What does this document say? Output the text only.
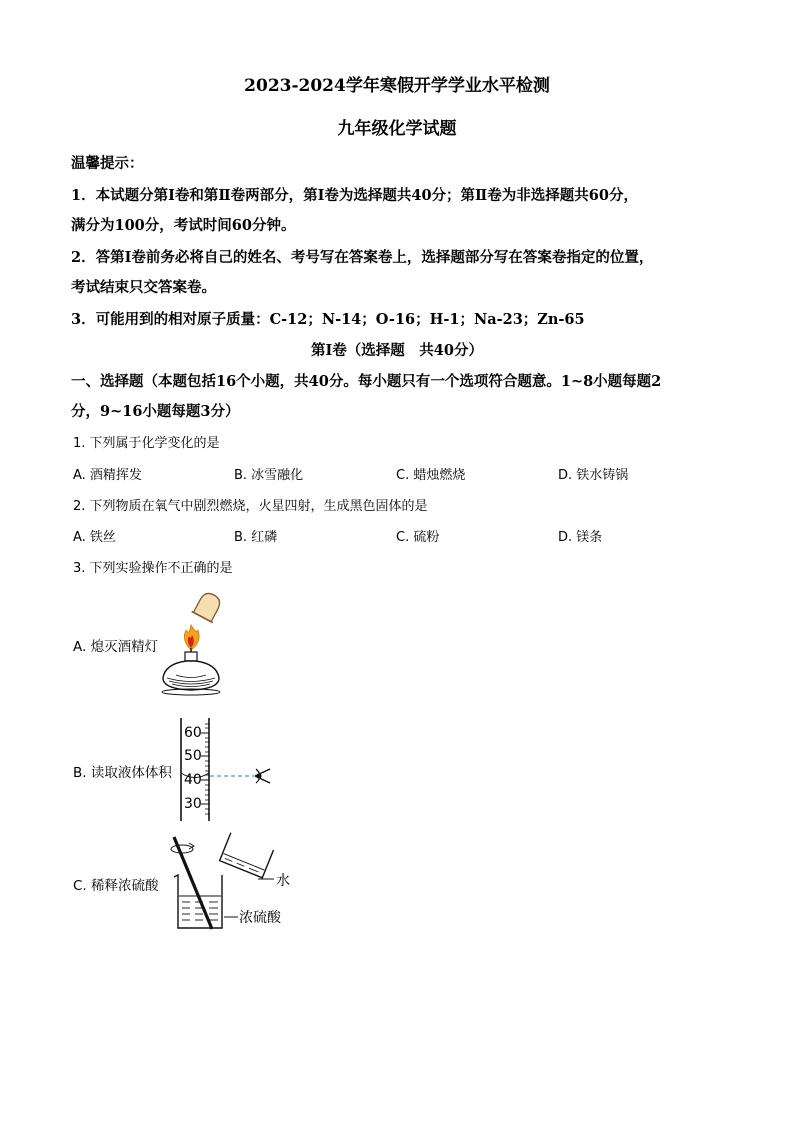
2023-2024学年寒假开学学业水平检测
九年级化学试题
温馨提示：
1．本试题分第Ⅰ卷和第Ⅱ卷两部分，第Ⅰ卷为选择题共40分；第Ⅱ卷为非选择题共60分，
满分为100分，考试时间60分钟。
2．答第Ⅰ卷前务必将自己的姓名、考号写在答案卷上，选择题部分写在答案卷指定的位置，
考试结束只交答案卷。
3．可能用到的相对原子质量：C-12；N-14；O-16；H-1；Na-23；Zn-65
第Ⅰ卷（选择题　共40分）
一、选择题（本题包括16个小题，共40分。每小题只有一个选项符合题意。1~8小题每题2
分，9~16小题每题3分）
1. 下列属于化学变化的是
A. 酒精挥发	B. 冰雪融化	C. 蜡烛燃烧	D. 铁水铸锅
2. 下列物质在氧气中剧烈燃烧，火星四射，生成黑色固体的是
A. 铁丝	B. 红磷	C. 硫粉	D. 镁条
3. 下列实验操作不正确的是
A. 熄灭酒精灯
B. 读取液体体积
60
50
40
30
C. 稀释浓硫酸	水
浓硫酸
